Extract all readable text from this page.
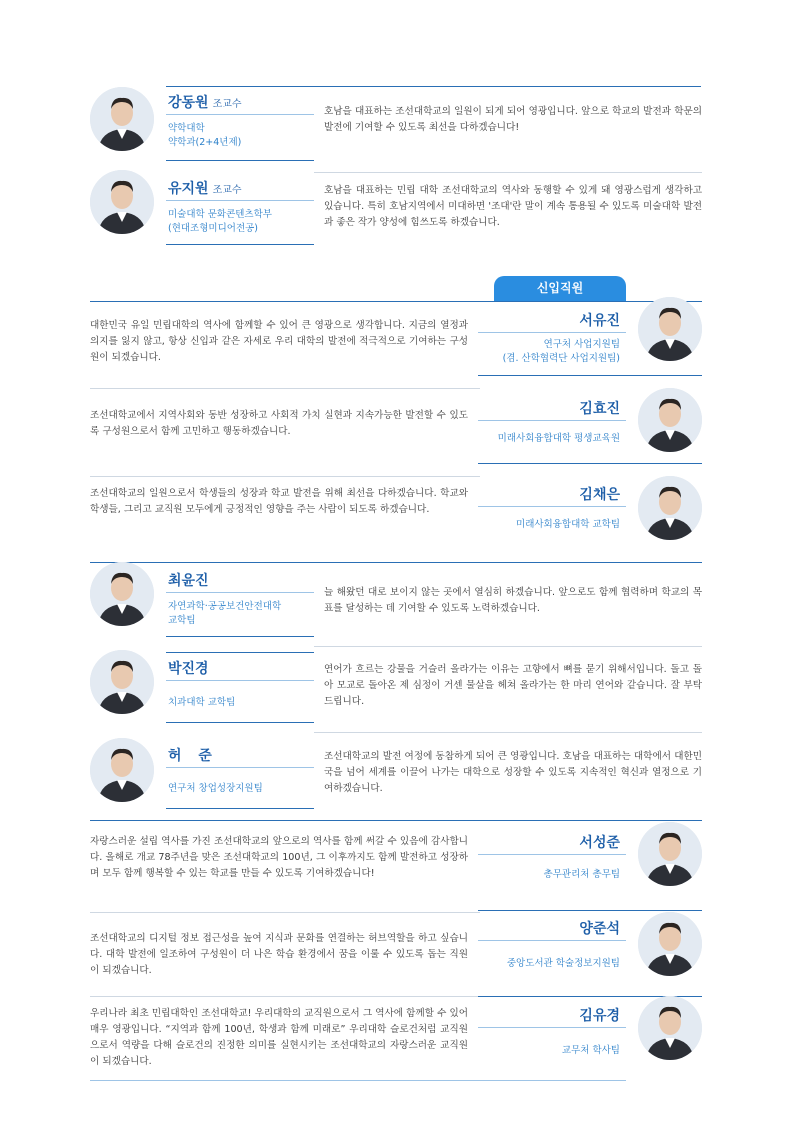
강동원 조교수
약학대학
약학과(2+4년제)
호남을 대표하는 조선대학교의 일원이 되게 되어 영광입니다. 앞으로 학교의 발전과 학문의 발전에 기여할 수 있도록 최선을 다하겠습니다!
유지원 조교수
미술대학 문화콘텐츠학부
(현대조형미디어전공)
호남을 대표하는 민립 대학 조선대학교의 역사와 동행할 수 있게 돼 영광스럽게 생각하고 있습니다. 특히 호남지역에서 미대하면 '조대'란 말이 계속 통용될 수 있도록 미술대학 발전과 좋은 작가 양성에 힘쓰도록 하겠습니다.
신입직원
대한민국 유일 민립대학의 역사에 함께할 수 있어 큰 영광으로 생각합니다. 지금의 열정과 의지를 잃지 않고, 항상 신입과 같은 자세로 우리 대학의 발전에 적극적으로 기여하는 구성원이 되겠습니다.
서유진
연구처 사업지원팀
(겸. 산학협력단 사업지원팀)
조선대학교에서 지역사회와 동반 성장하고 사회적 가치 실현과 지속가능한 발전할 수 있도록 구성원으로서 함께 고민하고 행동하겠습니다.
김효진
미래사회융합대학 평생교육원
조선대학교의 일원으로서 학생들의 성장과 학교 발전을 위해 최선을 다하겠습니다. 학교와 학생들, 그리고 교직원 모두에게 긍정적인 영향을 주는 사람이 되도록 하겠습니다.
김채은
미래사회융합대학 교학팀
최윤진
자연과학·공공보건안전대학
교학팀
늘 해왔던 대로 보이지 않는 곳에서 열심히 하겠습니다. 앞으로도 함께 협력하며 학교의 목표를 달성하는 데 기여할 수 있도록 노력하겠습니다.
박진경
치과대학 교학팀
연어가 흐르는 강물을 거슬러 올라가는 이유는 고향에서 뼈를 묻기 위해서입니다. 돌고 돌아 모교로 돌아온 제 심정이 거센 물살을 헤쳐 올라가는 한 마리 연어와 같습니다. 잘 부탁드립니다.
허 준
연구처 창업성장지원팀
조선대학교의 발전 여정에 동참하게 되어 큰 영광입니다. 호남을 대표하는 대학에서 대한민국을 넘어 세계를 이끌어 나가는 대학으로 성장할 수 있도록 지속적인 혁신과 열정으로 기여하겠습니다.
자랑스러운 설립 역사를 가진 조선대학교의 앞으로의 역사를 함께 써갈 수 있음에 감사합니다. 올해로 개교 78주년을 맞은 조선대학교의 100년, 그 이후까지도 함께 발전하고 성장하며 모두 함께 행복할 수 있는 학교를 만들 수 있도록 기여하겠습니다!
서성준
총무관리처 총무팀
조선대학교의 디지털 정보 접근성을 높여 지식과 문화를 연결하는 허브역할을 하고 싶습니다. 대학 발전에 일조하여 구성원이 더 나은 학습 환경에서 꿈을 이룰 수 있도록 돕는 직원이 되겠습니다.
양준석
중앙도서관 학술정보지원팀
우리나라 최초 민립대학인 조선대학교! 우리대학의 교직원으로서 그 역사에 함께할 수 있어 매우 영광입니다. “지역과 함께 100년, 학생과 함께 미래로” 우리대학 슬로건처럼 교직원으로서 역량을 다해 슬로건의 진정한 의미를 실현시키는 조선대학교의 자랑스러운 교직원이 되겠습니다.
김유경
교무처 학사팀
